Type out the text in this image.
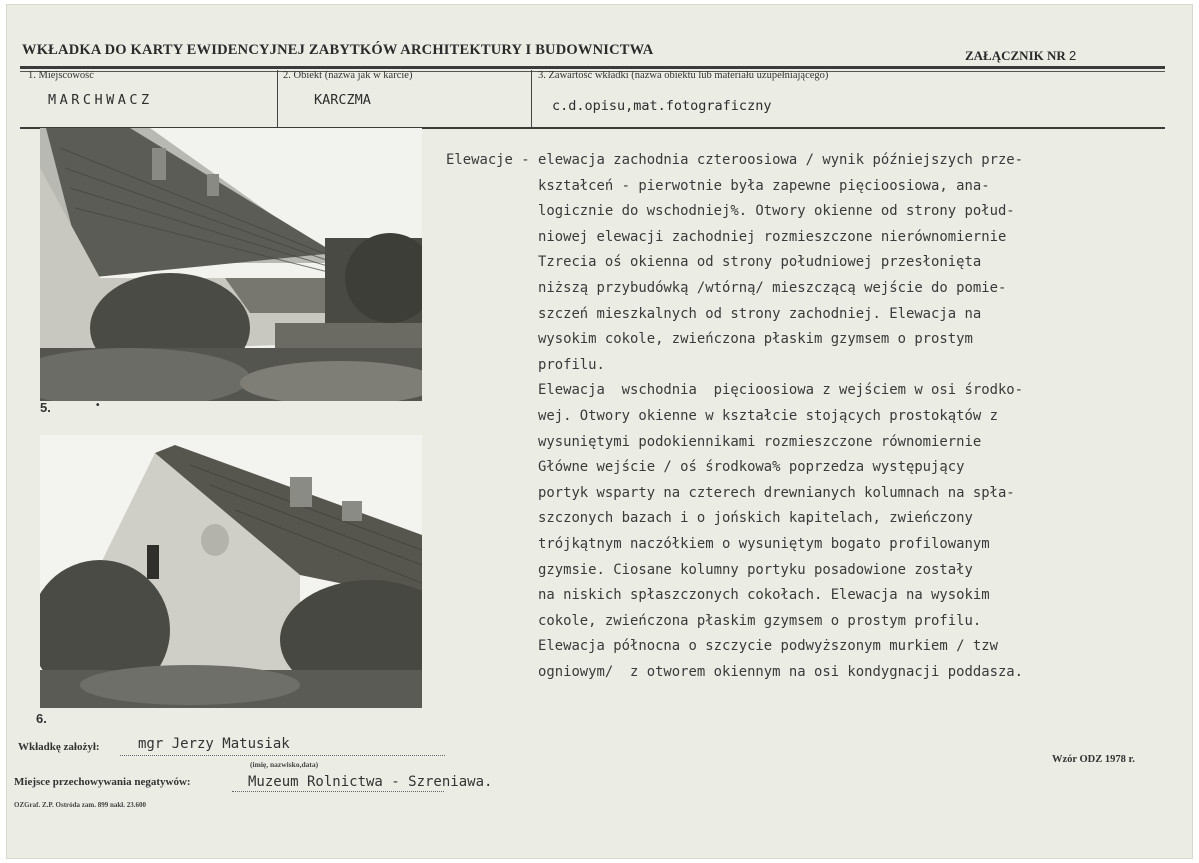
WKŁADKA DO KARTY EWIDENCYJNEJ ZABYTKÓW ARCHITEKTURY I BUDOWNICTWA	ZAŁĄCZNIK NR 2
1. Miejscowość
MARCHWACZ
2. Obiekt (nazwa jak w karcie)
KARCZMA
3. Zawartość wkładki (nazwa obiektu lub materiału uzupełniającego)
c.d.opisu,mat.fotograficzny
5.	•
6.
Elewacje - elewacja zachodnia czteroosiowa / wynik późniejszych prze-
kształceń - pierwotnie była zapewne pięcioosiowa, ana-
logicznie do wschodniej%. Otwory okienne od strony połud-
niowej elewacji zachodniej rozmieszczone nierównomiernie
Tzrecia oś okienna od strony południowej przesłonięta
niższą przybudówką /wtórną/ mieszczącą wejście do pomie-
szczeń mieszkalnych od strony zachodniej. Elewacja na
wysokim cokole, zwieńczona płaskim gzymsem o prostym
profilu.
Elewacja  wschodnia  pięcioosiowa z wejściem w osi środko-
wej. Otwory okienne w kształcie stojących prostokątów z
wysuniętymi podokiennikami rozmieszczone równomiernie
Główne wejście / oś środkowa% poprzedza występujący
portyk wsparty na czterech drewnianych kolumnach na spła-
szczonych bazach i o jońskich kapitelach, zwieńczony
trójkątnym naczółkiem o wysuniętym bogato profilowanym
gzymsie. Ciosane kolumny portyku posadowione zostały
na niskich spłaszczonych cokołach. Elewacja na wysokim
cokole, zwieńczona płaskim gzymsem o prostym profilu.
Elewacja północna o szczycie podwyższonym murkiem / tzw
ogniowym/  z otworem okiennym na osi kondygnacji poddasza.
Wkładkę założył:	mgr Jerzy Matusiak
(imię, nazwisko,data)
Miejsce przechowywania negatywów:	Muzeum Rolnictwa - Szreniawa.
Wzór ODZ 1978 r.
OZGraf. Z.P. Ostróda zam. 899 nakł. 23.600
